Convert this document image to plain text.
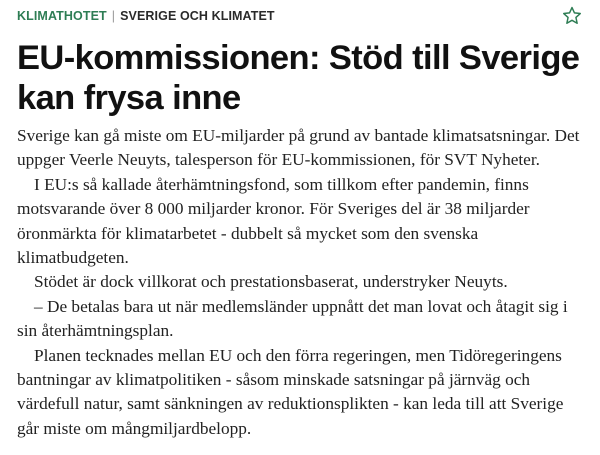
KLIMATHOTET | SVERIGE OCH KLIMATET
EU-kommissionen: Stöd till Sverige kan frysa inne

Sverige kan gå miste om EU-miljarder på grund av bantade klimatsatsningar. Det uppger Veerle Neuyts, talesperson för EU-kommissionen, för SVT Nyheter.

I EU:s så kallade återhämtningsfond, som tillkom efter pandemin, finns motsvarande över 8 000 miljarder kronor. För Sveriges del är 38 miljarder öronmärkta för klimatarbetet - dubbelt så mycket som den svenska klimatbudgeten.

Stödet är dock villkorat och prestationsbaserat, understryker Neuyts.

– De betalas bara ut när medlemsländer uppnått det man lovat och åtagit sig i sin återhämtningsplan.

Planen tecknades mellan EU och den förra regeringen, men Tidöregeringens bantningar av klimatpolitiken - såsom minskade satsningar på järnväg och värdefull natur, samt sänkningen av reduktionsplikten - kan leda till att Sverige går miste om mångmiljardbelopp.
